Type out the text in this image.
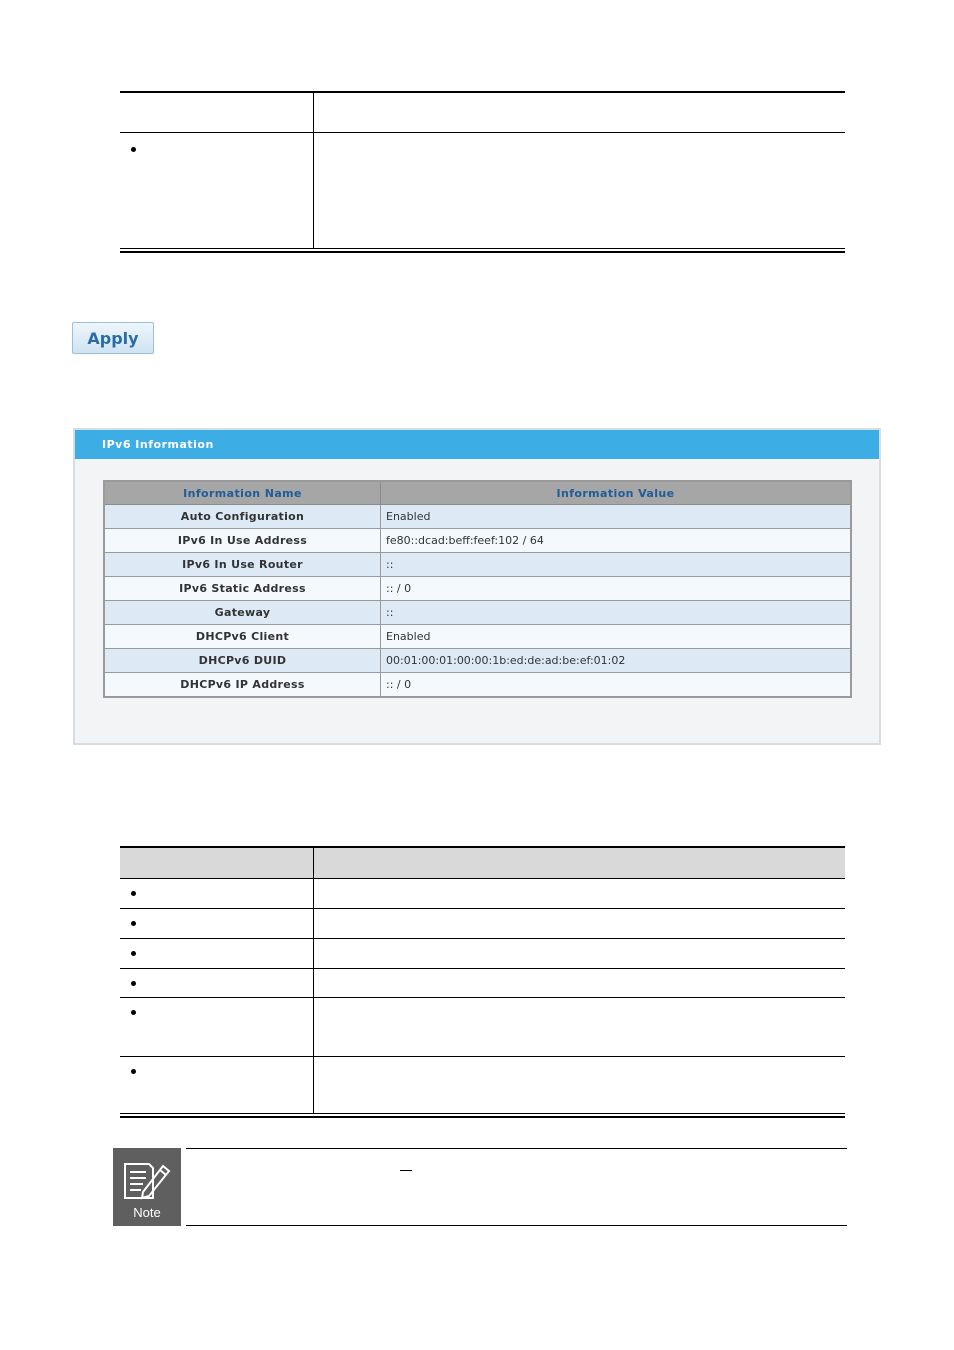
Apply
IPv6 Information
Information Name	Information Value
Auto Configuration	Enabled
IPv6 In Use Address	fe80::dcad:beff:feef:102 / 64
IPv6 In Use Router	::
IPv6 Static Address	:: / 0
Gateway	::
DHCPv6 Client	Enabled
DHCPv6 DUID	00:01:00:01:00:00:1b:ed:de:ad:be:ef:01:02
DHCPv6 IP Address	:: / 0
Note
